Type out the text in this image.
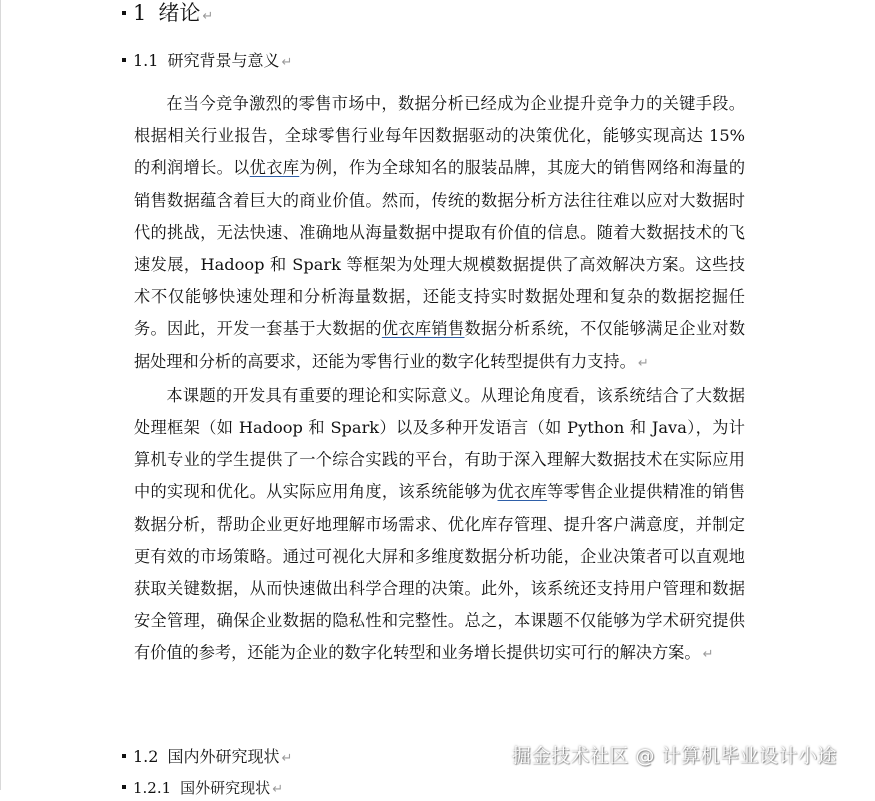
1 绪论 ↵
1.1 研究背景与意义 ↵

在当今竞争激烈的零售市场中，数据分析已经成为企业提升竞争力的关键手段。根据相关行业报告，全球零售行业每年因数据驱动的决策优化，能够实现高达 15% 的利润增长。以优衣库为例，作为全球知名的服装品牌，其庞大的销售网络和海量的销售数据蕴含着巨大的商业价值。然而，传统的数据分析方法往往难以应对大数据时代的挑战，无法快速、准确地从海量数据中提取有价值的信息。随着大数据技术的飞速发展，Hadoop 和 Spark 等框架为处理大规模数据提供了高效解决方案。这些技术不仅能够快速处理和分析海量数据，还能支持实时数据处理和复杂的数据挖掘任务。因此，开发一套基于大数据的优衣库销售数据分析系统，不仅能够满足企业对数据处理和分析的高要求，还能为零售行业的数字化转型提供有力支持。 ↵

本课题的开发具有重要的理论和实际意义。从理论角度看，该系统结合了大数据处理框架（如 Hadoop 和 Spark）以及多种开发语言（如 Python 和 Java），为计算机专业的学生提供了一个综合实践的平台，有助于深入理解大数据技术在实际应用中的实现和优化。从实际应用角度，该系统能够为优衣库等零售企业提供精准的销售数据分析，帮助企业更好地理解市场需求、优化库存管理、提升客户满意度，并制定更有效的市场策略。通过可视化大屏和多维度数据分析功能，企业决策者可以直观地获取关键数据，从而快速做出科学合理的决策。此外，该系统还支持用户管理和数据安全管理，确保企业数据的隐私性和完整性。总之，本课题不仅能够为学术研究提供有价值的参考，还能为企业的数字化转型和业务增长提供切实可行的解决方案。 ↵

1.2 国内外研究现状 ↵
1.2.1 国外研究现状 ↵
掘金技术社区 @ 计算机毕业设计小途
